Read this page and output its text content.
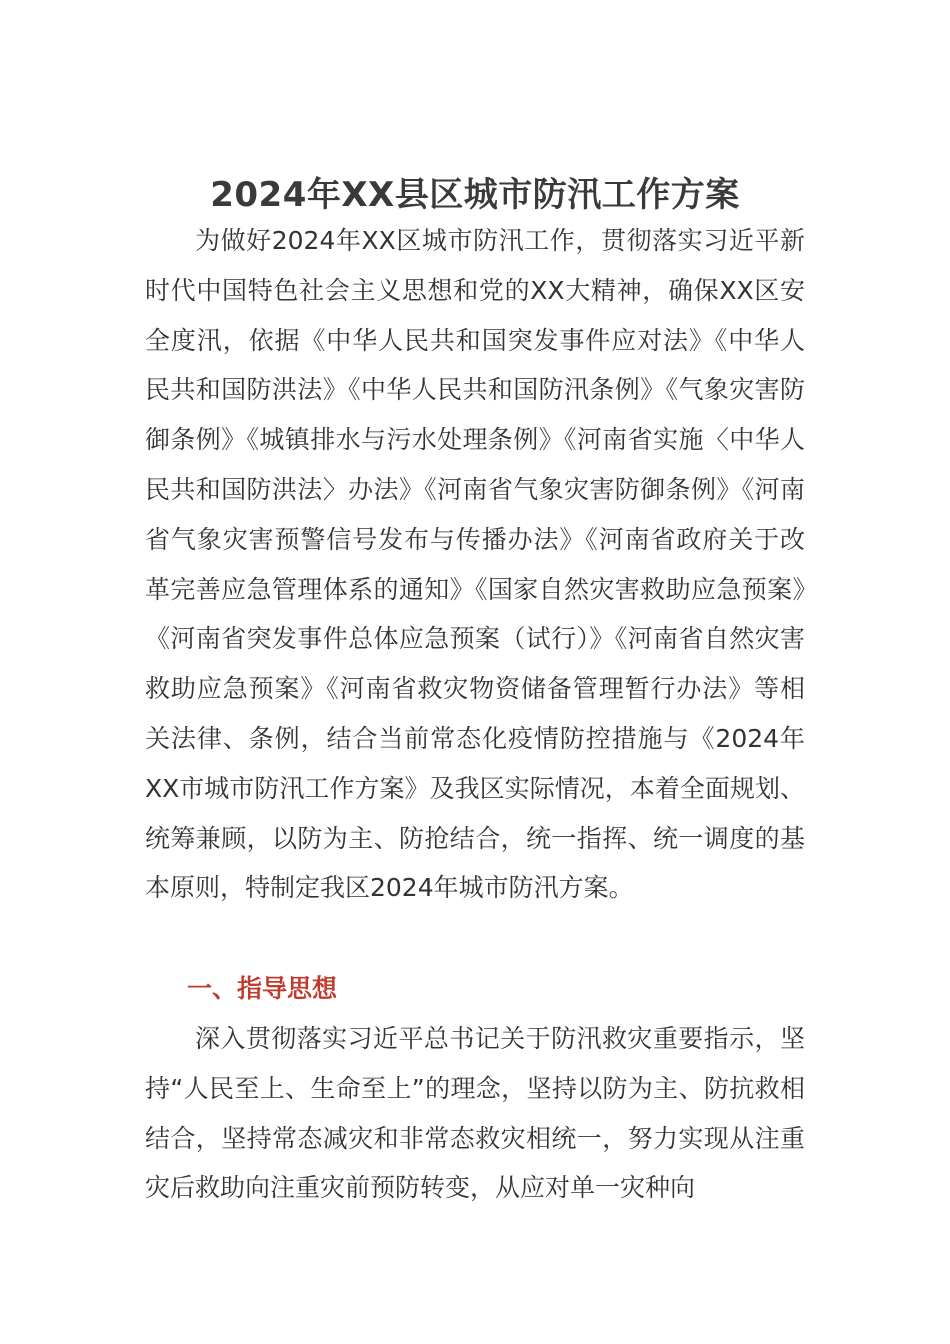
2024年XX县区城市防汛工作方案

为做好2024年XX区城市防汛工作，贯彻落实习近平新时代中国特色社会主义思想和党的XX大精神，确保XX区安全度汛，依据《中华人民共和国突发事件应对法》《中华人民共和国防洪法》《中华人民共和国防汛条例》《气象灾害防御条例》《城镇排水与污水处理条例》《河南省实施〈中华人民共和国防洪法〉办法》《河南省气象灾害防御条例》《河南省气象灾害预警信号发布与传播办法》《河南省政府关于改革完善应急管理体系的通知》《国家自然灾害救助应急预案》《河南省突发事件总体应急预案（试行）》《河南省自然灾害救助应急预案》《河南省救灾物资储备管理暂行办法》等相关法律、条例，结合当前常态化疫情防控措施与《2024年XX市城市防汛工作方案》及我区实际情况，本着全面规划、统筹兼顾，以防为主、防抢结合，统一指挥、统一调度的基本原则，特制定我区2024年城市防汛方案。

一、指导思想

深入贯彻落实习近平总书记关于防汛救灾重要指示，坚持“人民至上、生命至上”的理念，坚持以防为主、防抗救相结合，坚持常态减灾和非常态救灾相统一，努力实现从注重灾后救助向注重灾前预防转变，从应对单一灾种向
